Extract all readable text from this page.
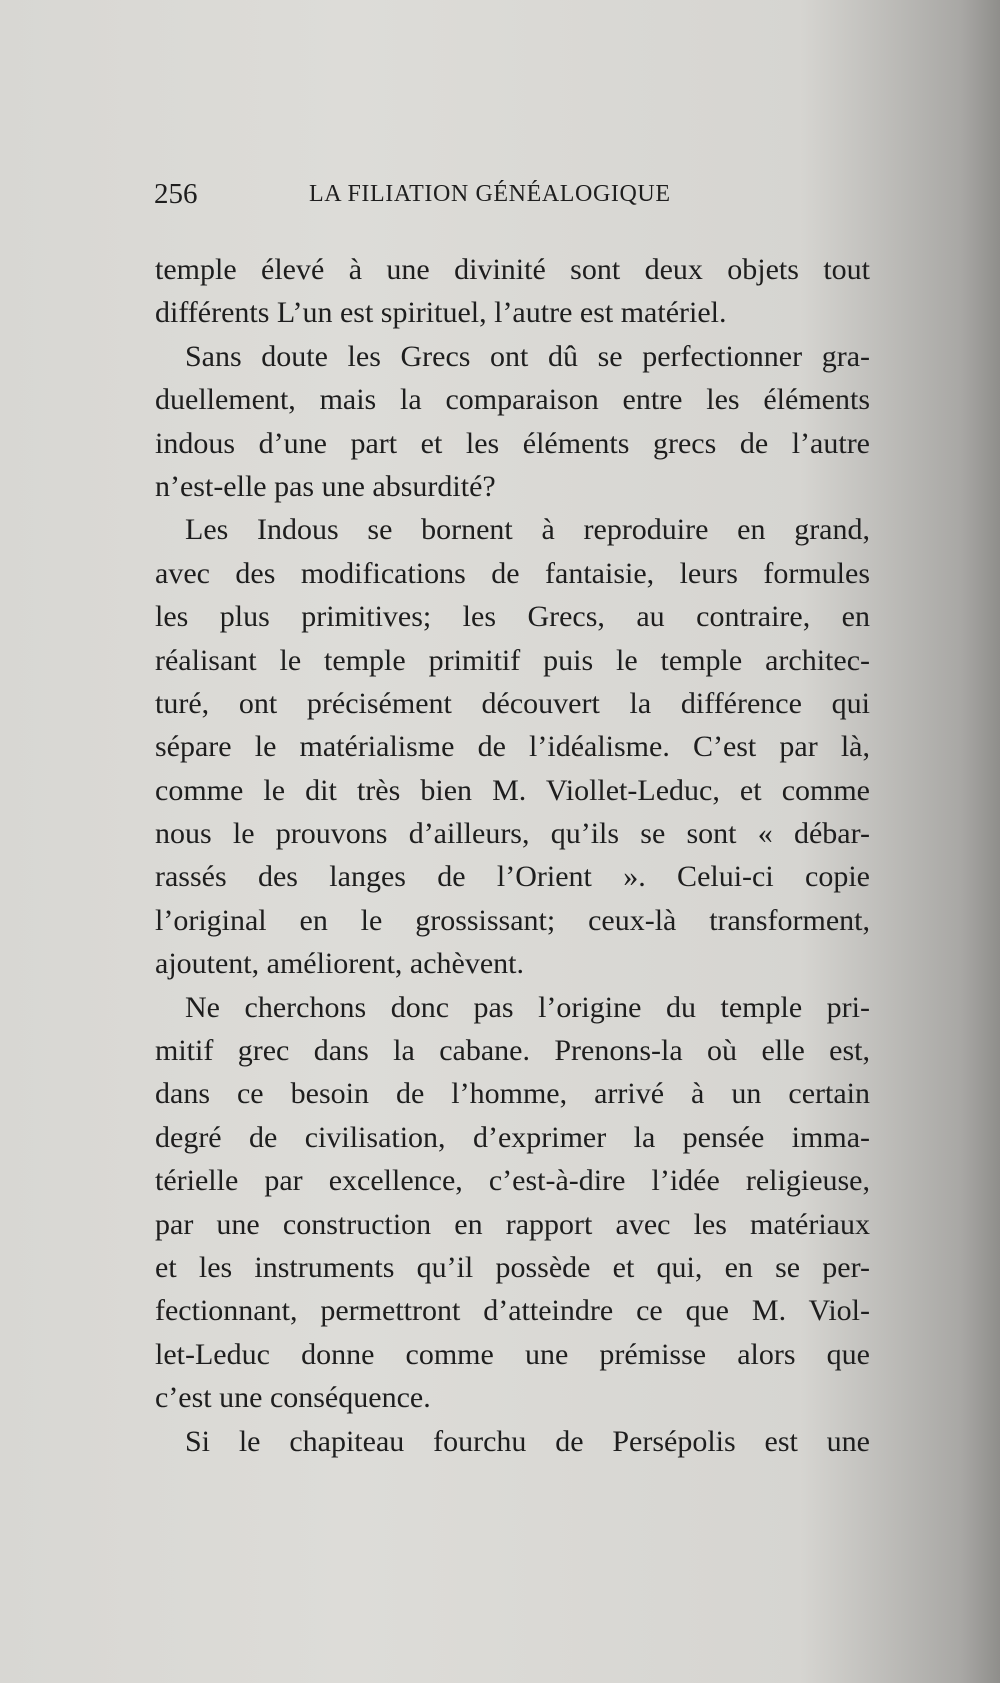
256	LA FILIATION GÉNÉALOGIQUE
temple élevé à une divinité sont deux objets tout
différents L’un est spirituel, l’autre est matériel.
Sans doute les Grecs ont dû se perfectionner gra-
duellement, mais la comparaison entre les éléments
indous d’une part et les éléments grecs de l’autre
n’est-elle pas une absurdité?
Les Indous se bornent à reproduire en grand,
avec des modifications de fantaisie, leurs formules
les plus primitives; les Grecs, au contraire, en
réalisant le temple primitif puis le temple architec-
turé, ont précisément découvert la différence qui
sépare le matérialisme de l’idéalisme. C’est par là,
comme le dit très bien M. Viollet-Leduc, et comme
nous le prouvons d’ailleurs, qu’ils se sont « débar-
rassés des langes de l’Orient ». Celui-ci copie
l’original en le grossissant; ceux-là transforment,
ajoutent, améliorent, achèvent.
Ne cherchons donc pas l’origine du temple pri-
mitif grec dans la cabane. Prenons-la où elle est,
dans ce besoin de l’homme, arrivé à un certain
degré de civilisation, d’exprimer la pensée imma-
térielle par excellence, c’est-à-dire l’idée religieuse,
par une construction en rapport avec les matériaux
et les instruments qu’il possède et qui, en se per-
fectionnant, permettront d’atteindre ce que M. Viol-
let-Leduc donne comme une prémisse alors que
c’est une conséquence.
Si le chapiteau fourchu de Persépolis est une
